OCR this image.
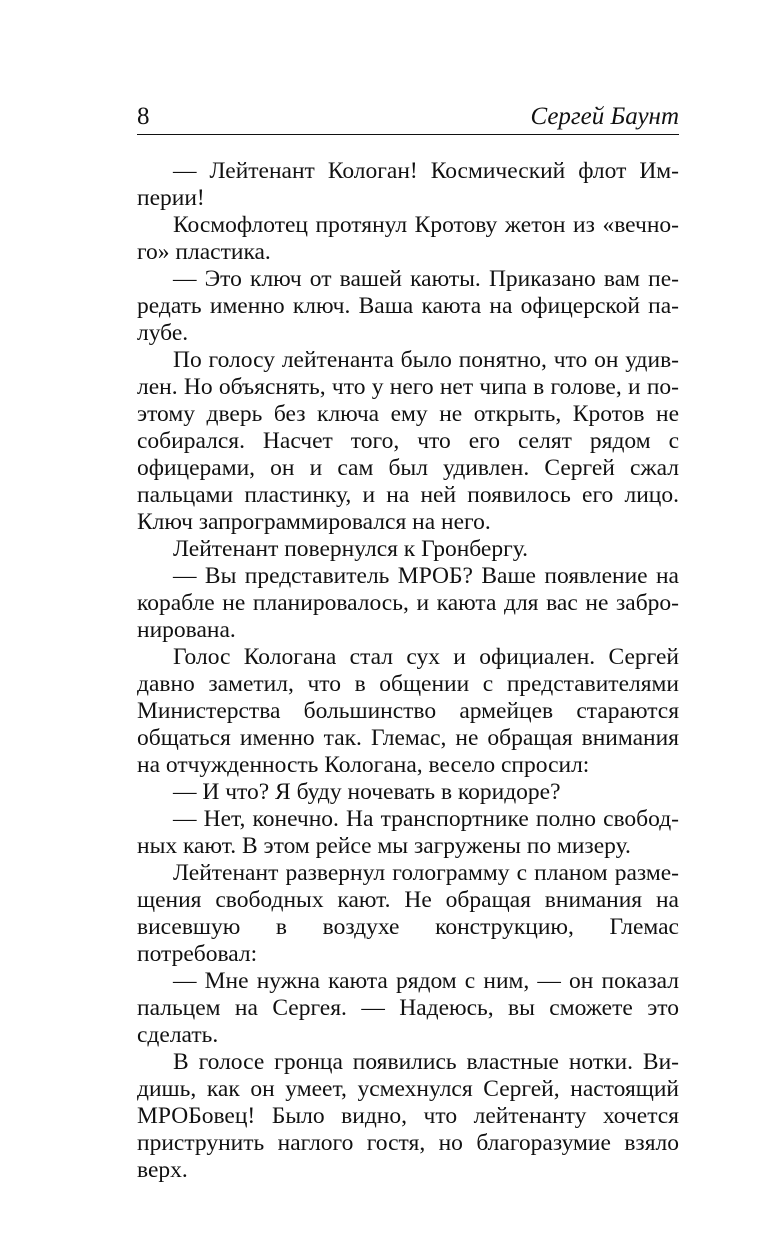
8	Сергей Баунт

— Лейтенант Кологан! Космический флот Империи!

Космофлотец протянул Кротову жетон из «вечного» пластика.

— Это ключ от вашей каюты. Приказано вам передать именно ключ. Ваша каюта на офицерской палубе.

По голосу лейтенанта было понятно, что он удивлен. Но объяснять, что у него нет чипа в голове, и поэтому дверь без ключа ему не открыть, Кротов не собирался. Насчет того, что его селят рядом с офицерами, он и сам был удивлен. Сергей сжал пальцами пластинку, и на ней появилось его лицо. Ключ запрограммировался на него.

Лейтенант повернулся к Гронбергу.

— Вы представитель МРОБ? Ваше появление на корабле не планировалось, и каюта для вас не забронирована.

Голос Кологана стал сух и официален. Сергей давно заметил, что в общении с представителями Министерства большинство армейцев стараются общаться именно так. Глемас, не обращая внимания на отчужденность Кологана, весело спросил:

— И что? Я буду ночевать в коридоре?

— Нет, конечно. На транспортнике полно свободных кают. В этом рейсе мы загружены по мизеру.

Лейтенант развернул голограмму с планом размещения свободных кают. Не обращая внимания на висевшую в воздухе конструкцию, Глемас потребовал:

— Мне нужна каюта рядом с ним, — он показал пальцем на Сергея. — Надеюсь, вы сможете это сделать.

В голосе гронца появились властные нотки. Видишь, как он умеет, усмехнулся Сергей, настоящий МРОБовец! Было видно, что лейтенанту хочется приструнить наглого гостя, но благоразумие взяло верх.
